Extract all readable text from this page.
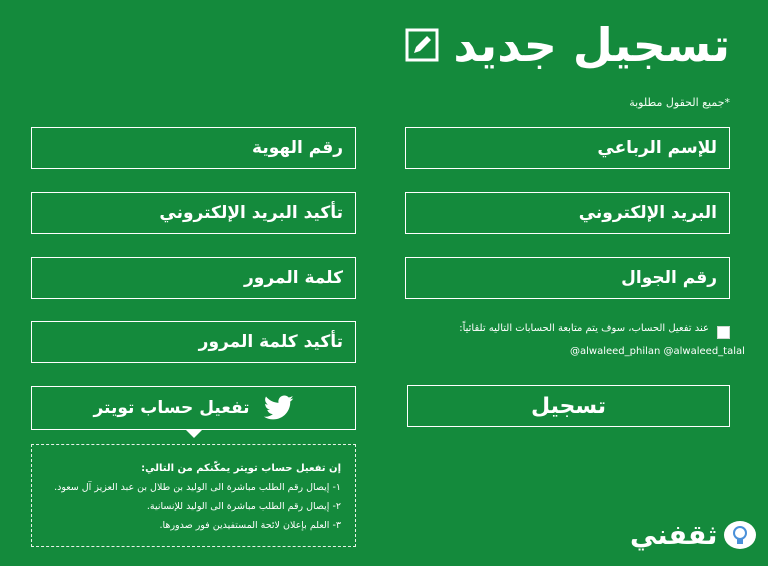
تسجيل جديد
*جميع الحقول مطلوبة
للإسم الرباعي
البريد الإلكتروني
رقم الجوال
رقم الهوية
تأكيد البريد الإلكتروني
كلمة المرور
تأكيد كلمة المرور
عند تفعيل الحساب، سوف يتم متابعة الحسابات التاليه تلقائياً:
@alwaleed_philan @alwaleed_talal
تسجيل
تفعيل حساب تويتر
إن تفعيل حساب تويتر يمكّنكم من التالي:
١- إيصال رقم الطلب مباشرة الى الوليد بن طلال بن عبد العزيز آل سعود.
٢- إيصال رقم الطلب مباشرة الى الوليد للإنسانية.
٣- العلم بإعلان لائحة المستفيدين فور صدورها.	ثقفني
